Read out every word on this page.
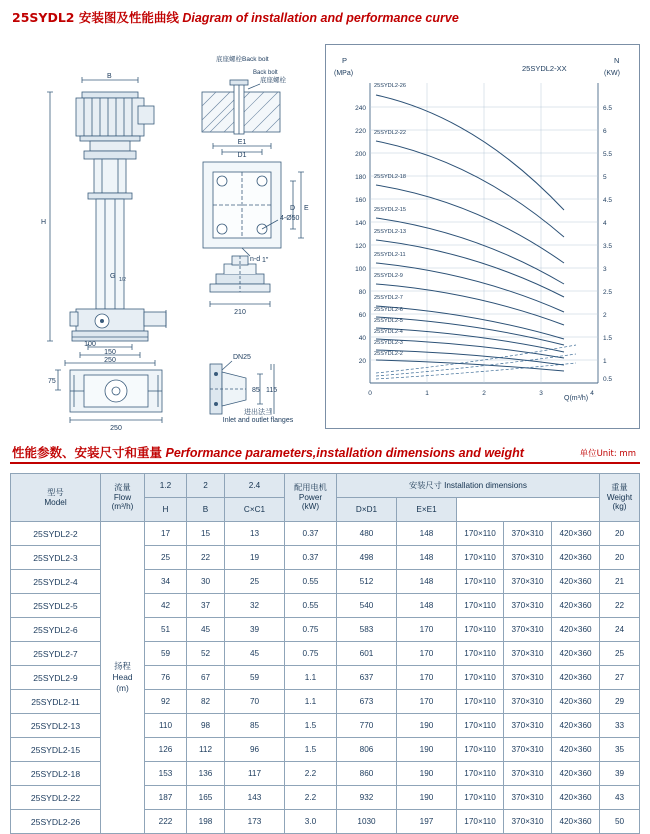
25SYDL2 安装图及性能曲线 Diagram of installation and performance curve
B
H
100
150
250
250
75
G 1/2
210
1"
D1
E1
D E
4-Ø50
n-d
DN25
85 115
底座螺栓
Back bolt
进出法兰
Inlet and outlet flanges
底座螺栓Back bolt
240
220
200
180
160
140
120
100
80
60
40
20
6.5
6
5.5
5
4.5
4
3.5
3
2.5
2
1.5
1
0.5
0	1	2	3	4
P
(MPa)
N
(KW)
Q(m³/h)
25SYDL2-XX
25SYDL2-26
25SYDL2-22
25SYDL2-18
25SYDL2-15
25SYDL2-13
25SYDL2-11
25SYDL2-9
25SYDL2-7
25SYDL2-6
25SYDL2-5
25SYDL2-4
25SYDL2-3
25SYDL2-2
性能参数、安装尺寸和重量 Performance parameters,installation dimensions and weight	单位Unit: mm
型号
Model

流量
Flow
(m³/h)
	1.2	2	2.4	配用电机
Power
(kW)
	安装尺寸 Installation dimensions	重量
Weight
(kg)

		H	B	C×C1		D×D1	E×E1				
25SYDL2-2	扬程
Head
(m)	17	15	13	0.37	480	148	170×110	370×310	420×360	20
25SYDL2-3		25	22	19	0.37	498	148	170×110	370×310	420×360	20
25SYDL2-4		34	30	25	0.55	512	148	170×110	370×310	420×360	21
25SYDL2-5		42	37	32	0.55	540	148	170×110	370×310	420×360	22
25SYDL2-6		51	45	39	0.75	583	170	170×110	370×310	420×360	24
25SYDL2-7		59	52	45	0.75	601	170	170×110	370×310	420×360	25
25SYDL2-9		76	67	59	1.1	637	170	170×110	370×310	420×360	27
25SYDL2-11		92	82	70	1.1	673	170	170×110	370×310	420×360	29
25SYDL2-13		110	98	85	1.5	770	190	170×110	370×310	420×360	33
25SYDL2-15		126	112	96	1.5	806	190	170×110	370×310	420×360	35
25SYDL2-18		153	136	117	2.2	860	190	170×110	370×310	420×360	39
25SYDL2-22		187	165	143	2.2	932	190	170×110	370×310	420×360	43
25SYDL2-26		222	198	173	3.0	1030	197	170×110	370×310	420×360	50
